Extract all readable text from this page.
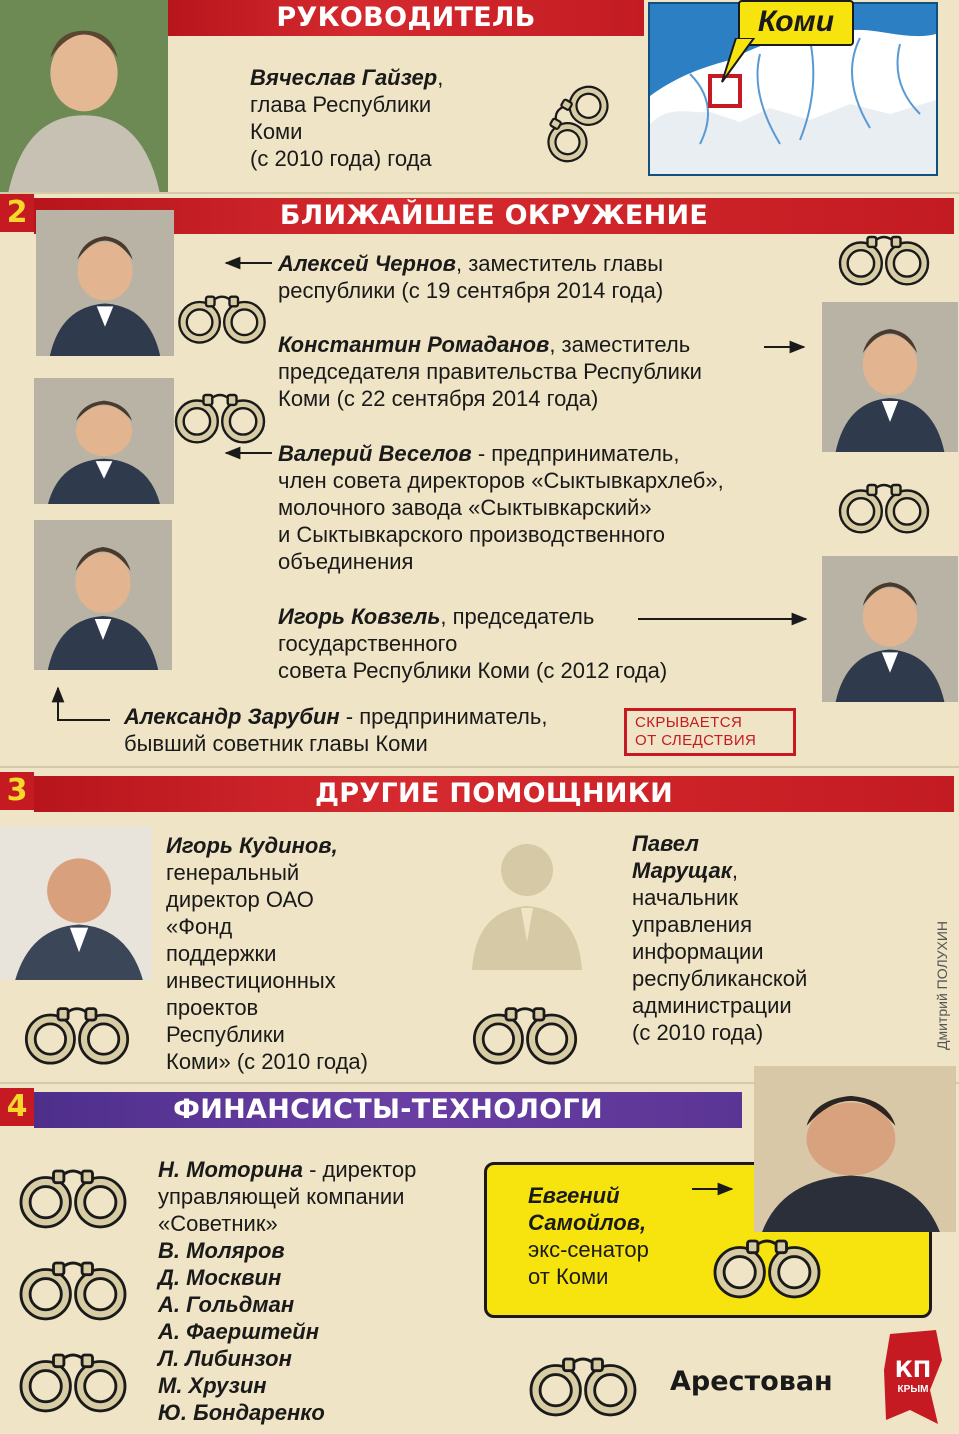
РУКОВОДИТЕЛЬ
Вячеслав Гайзер,
глава Республики
Коми
(с 2010 года) года
Коми
2	БЛИЖАЙШЕЕ ОКРУЖЕНИЕ
Алексей Чернов, заместитель главы
республики (с 19 сентября 2014 года)
Константин Ромаданов, заместитель
председателя правительства Республики
Коми (с 22 сентября 2014 года)
Валерий Веселов - предприниматель,
член совета директоров «Сыктывкархлеб»,
молочного завода «Сыктывкарский»
и Сыктывкарского производственного
объединения
Игорь Ковзель, председатель
государственного
совета Республики Коми (с 2012 года)
Александр Зарубин - предприниматель,
бывший советник главы Коми
СКРЫВАЕТСЯ
ОТ СЛЕДСТВИЯ
3	ДРУГИЕ ПОМОЩНИКИ
Игорь Кудинов,
генеральный
директор ОАО
«Фонд
поддержки
инвестиционных
проектов
Республики
Коми» (с 2010 года)
Павел
Марущак,
начальник
управления
информации
республиканской
администрации
(с 2010 года)	Дмитрий ПОЛУХИН
4	ФИНАНСИСТЫ-ТЕХНОЛОГИ
Н. Моторина - директор
управляющей компании
«Советник»
В. Моляров
Д. Москвин
А. Гольдман
А. Фаерштейн
Л. Либинзон
М. Хрузин
Ю. Бондаренко
Евгений
Самойлов,
экс-сенатор
от Коми
Арестован	КП
КРЫМ
